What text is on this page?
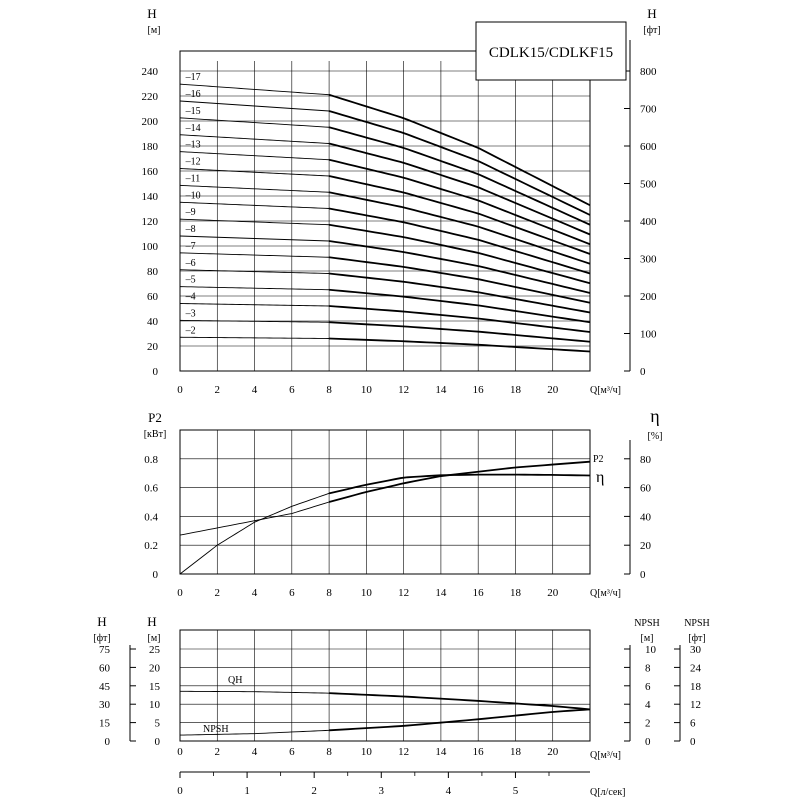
–2
–3
–4
–5
–6
–7
–8
–9
–10
–11
–12
–13
–14
–15
–16
–17
0	2	4	6	8	10 12 14 16 18 20
0
20
40
60
80
100
120
140
160
180
200
220
240
0
100
200
300
400
500
600
700
800
H
[м]
H
[фт]
Q[м³/ч]
CDLK15/CDLKF15
0	2	4	6	8	10 12 14 16 18 20
0
0.2
0.4
0.6
0.8
0
20
40
60
80
P2
[кВт]
η
[%]
Q[м³/ч]
P2
η
0	2	4	6	8	10 12 14 16 18 20
0
5
10
15
20
25
0
15
30
45
60
75
0
2
4
6
8
10
0
6
12
18
24
30
0	1	2	3	4	5
H
[фт]
H
[м]
NPSH
[м]
NPSH
[фт]
Q[м³/ч]
Q[л/сек]
QH
NPSH
